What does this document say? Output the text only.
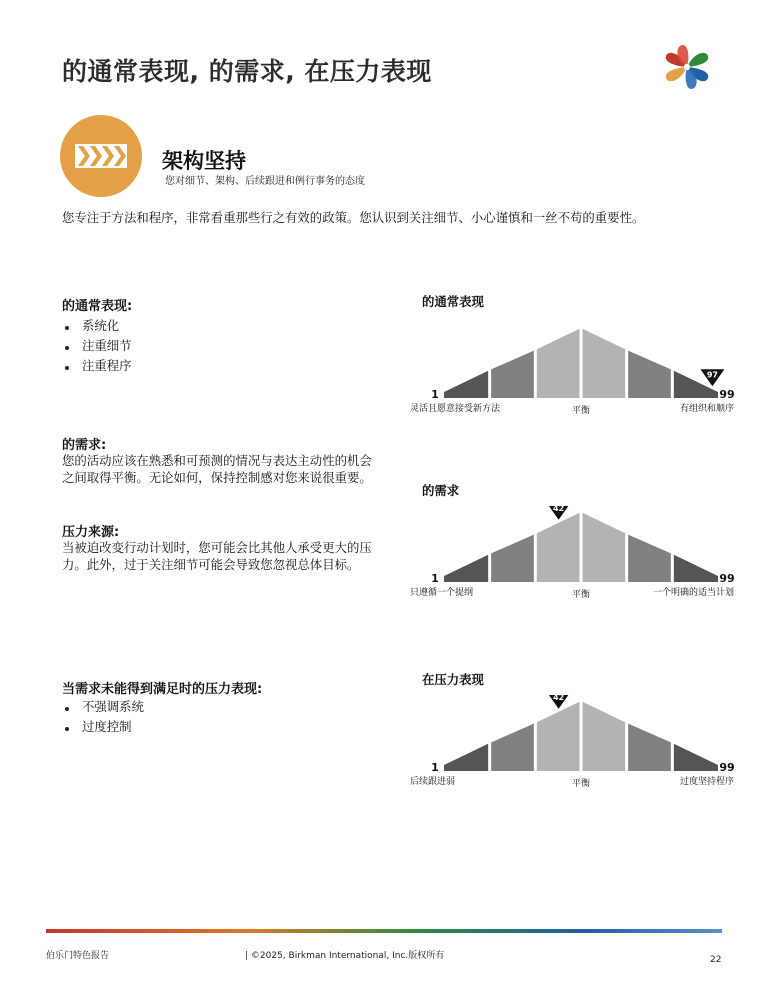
的通常表现, 的需求, 在压力表现
架构坚持
您对细节、架构、后续跟进和例行事务的态度
您专注于方法和程序，非常看重那些行之有效的政策。您认识到关注细节、小心谨慎和一丝不苟的重要性。
的通常表现:
系统化
注重细节
注重程序
的需求:
您的活动应该在熟悉和可预测的情况与表达主动性的机会之间取得平衡。无论如何，保持控制感对您来说很重要。
压力来源:
当被迫改变行动计划时，您可能会比其他人承受更大的压力。此外，过于关注细节可能会导致您忽视总体目标。
当需求未能得到满足时的压力表现:
不强调系统
过度控制
的通常表现
97
1	99
灵活且愿意接受新方法	平衡	有组织和顺序
的需求
42
1	99
只遵循一个提纲	平衡	一个明确的适当计划
在压力表现
42
1	99
后续跟进弱	平衡	过度坚持程序
伯乐门特色报告	| ©2025, Birkman International, Inc.版权所有	22
